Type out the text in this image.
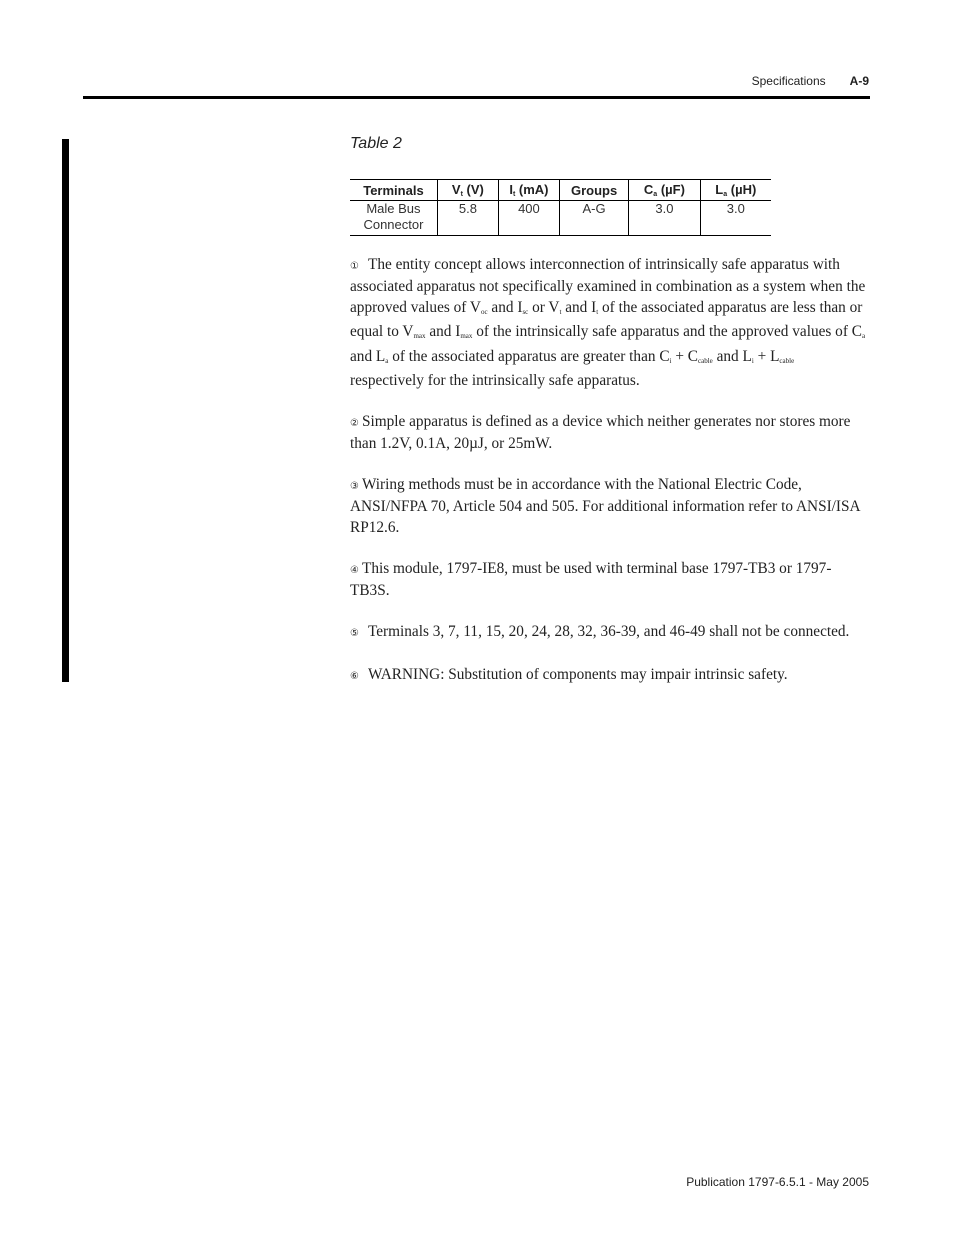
Specifications A-9
Table 2
Terminals	$V_t$ (V)	$I_t$ (mA)	Groups	$C_a$ (µF)	$L_a$ (µH)
Male Bus
Connector	5.8	400	A-G	3.0	3.0

① The entity concept allows interconnection of intrinsically safe apparatus with associated apparatus not specifically examined in combination as a system when the approved values of $V_{oc}$ and $I_{sc}$ or $V_t$ and $I_t$ of the associated apparatus are less than or equal to $V_{max}$ and $I_{max}$ of the intrinsically safe apparatus and the approved values of $C_a$ and $L_a$ of the associated apparatus are greater than $C_i + C_{cable}$ and $L_i + L_{cable}$ respectively for the intrinsically safe apparatus.

② Simple apparatus is defined as a device which neither generates nor stores more than 1.2V, 0.1A, 20µJ, or 25mW.

③ Wiring methods must be in accordance with the National Electric Code, ANSI/NFPA 70, Article 504 and 505. For additional information refer to ANSI/ISA RP12.6.

④ This module, 1797-IE8, must be used with terminal base 1797-TB3 or 1797-TB3S.

⑤ Terminals 3, 7, 11, 15, 20, 24, 28, 32, 36-39, and 46-49 shall not be connected.

⑥ WARNING: Substitution of components may impair intrinsic safety.

Publication 1797-6.5.1 - May 2005
